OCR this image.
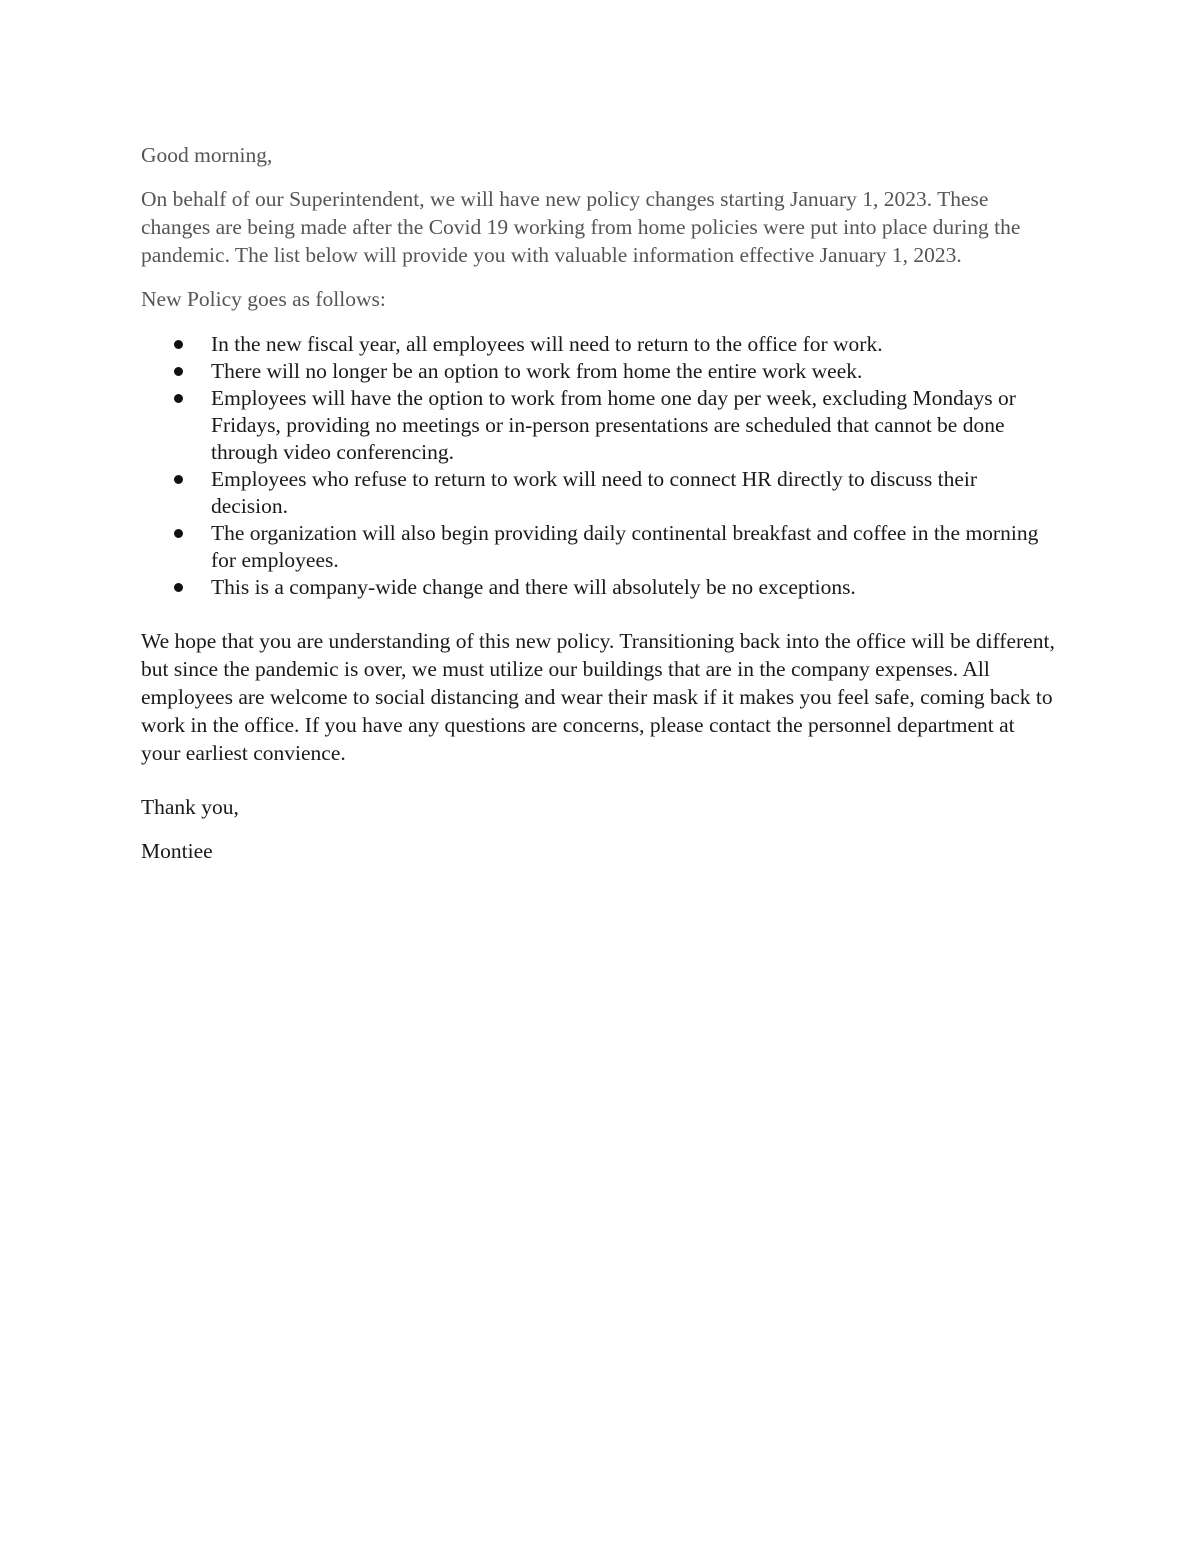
Good morning,

On behalf of our Superintendent, we will have new policy changes starting January 1, 2023. These changes are being made after the Covid 19 working from home policies were put into place during the pandemic. The list below will provide you with valuable information effective January 1, 2023.

New Policy goes as follows:

In the new fiscal year, all employees will need to return to the office for work.
There will no longer be an option to work from home the entire work week.
Employees will have the option to work from home one day per week, excluding Mondays or Fridays, providing no meetings or in-person presentations are scheduled that cannot be done through video conferencing.
Employees who refuse to return to work will need to connect HR directly to discuss their decision.
The organization will also begin providing daily continental breakfast and coffee in the morning for employees.
This is a company-wide change and there will absolutely be no exceptions.

We hope that you are understanding of this new policy. Transitioning back into the office will be different, but since the pandemic is over, we must utilize our buildings that are in the company expenses. All employees are welcome to social distancing and wear their mask if it makes you feel safe, coming back to work in the office. If you have any questions are concerns, please contact the personnel department at your earliest convience.

Thank you,

Montiee
